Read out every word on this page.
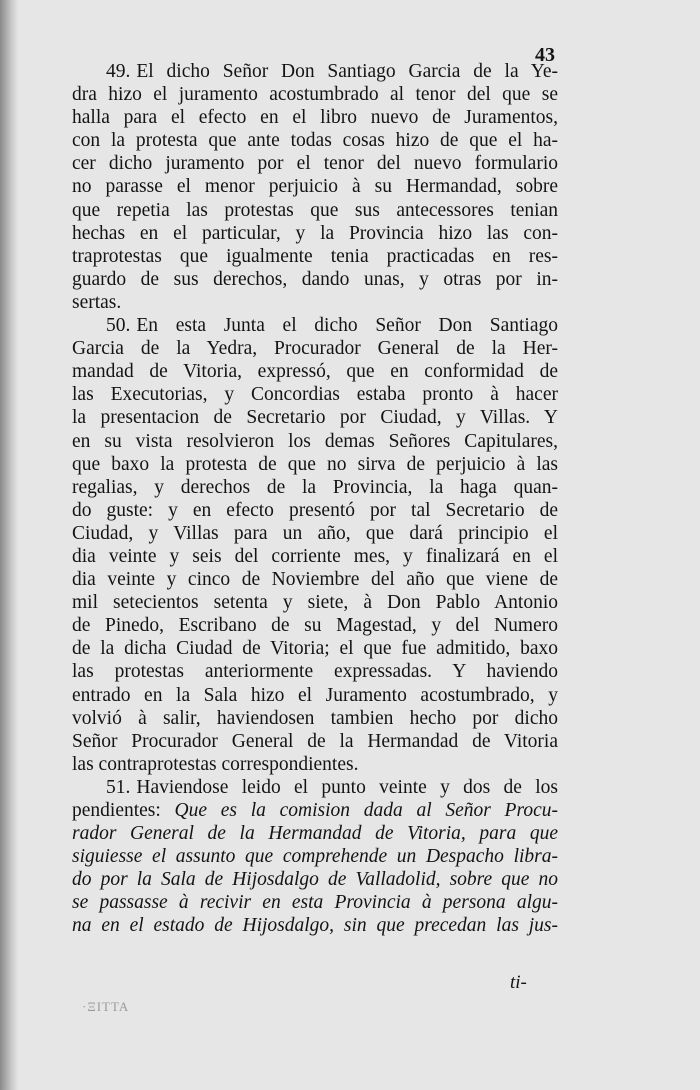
43
49. El dicho Señor Don Santiago Garcia de la Ye-
dra hizo el juramento acostumbrado al tenor del que se
halla para el efecto en el libro nuevo de Juramentos,
con la protesta que ante todas cosas hizo de que el ha-
cer dicho juramento por el tenor del nuevo formulario
no parasse el menor perjuicio à su Hermandad, sobre
que repetia las protestas que sus antecessores tenian
hechas en el particular, y la Provincia hizo las con-
traprotestas que igualmente tenia practicadas en res-
guardo de sus derechos, dando unas, y otras por in-
sertas.
50. En esta Junta el dicho Señor Don Santiago
Garcia de la Yedra, Procurador General de la Her-
mandad de Vitoria, expressó, que en conformidad de
las Executorias, y Concordias estaba pronto à hacer
la presentacion de Secretario por Ciudad, y Villas. Y
en su vista resolvieron los demas Señores Capitulares,
que baxo la protesta de que no sirva de perjuicio à las
regalias, y derechos de la Provincia, la haga quan-
do guste: y en efecto presentó por tal Secretario de
Ciudad, y Villas para un año, que dará principio el
dia veinte y seis del corriente mes, y finalizará en el
dia veinte y cinco de Noviembre del año que viene de
mil setecientos setenta y siete, à Don Pablo Antonio
de Pinedo, Escribano de su Magestad, y del Numero
de la dicha Ciudad de Vitoria; el que fue admitido, baxo
las protestas anteriormente expressadas. Y haviendo
entrado en la Sala hizo el Juramento acostumbrado, y
volvió à salir, haviendosen tambien hecho por dicho
Señor Procurador General de la Hermandad de Vitoria
las contraprotestas correspondientes.
51. Haviendose leido el punto veinte y dos de los
pendientes: Que es la comision dada al Señor Procu-
rador General de la Hermandad de Vitoria, para que
siguiesse el assunto que comprehende un Despacho libra-
do por la Sala de Hijosdalgo de Valladolid, sobre que no
se passasse à recivir en esta Provincia à persona algu-
na en el estado de Hijosdalgo, sin que precedan las jus-
ti-
·ΞΙΤΤΑ
